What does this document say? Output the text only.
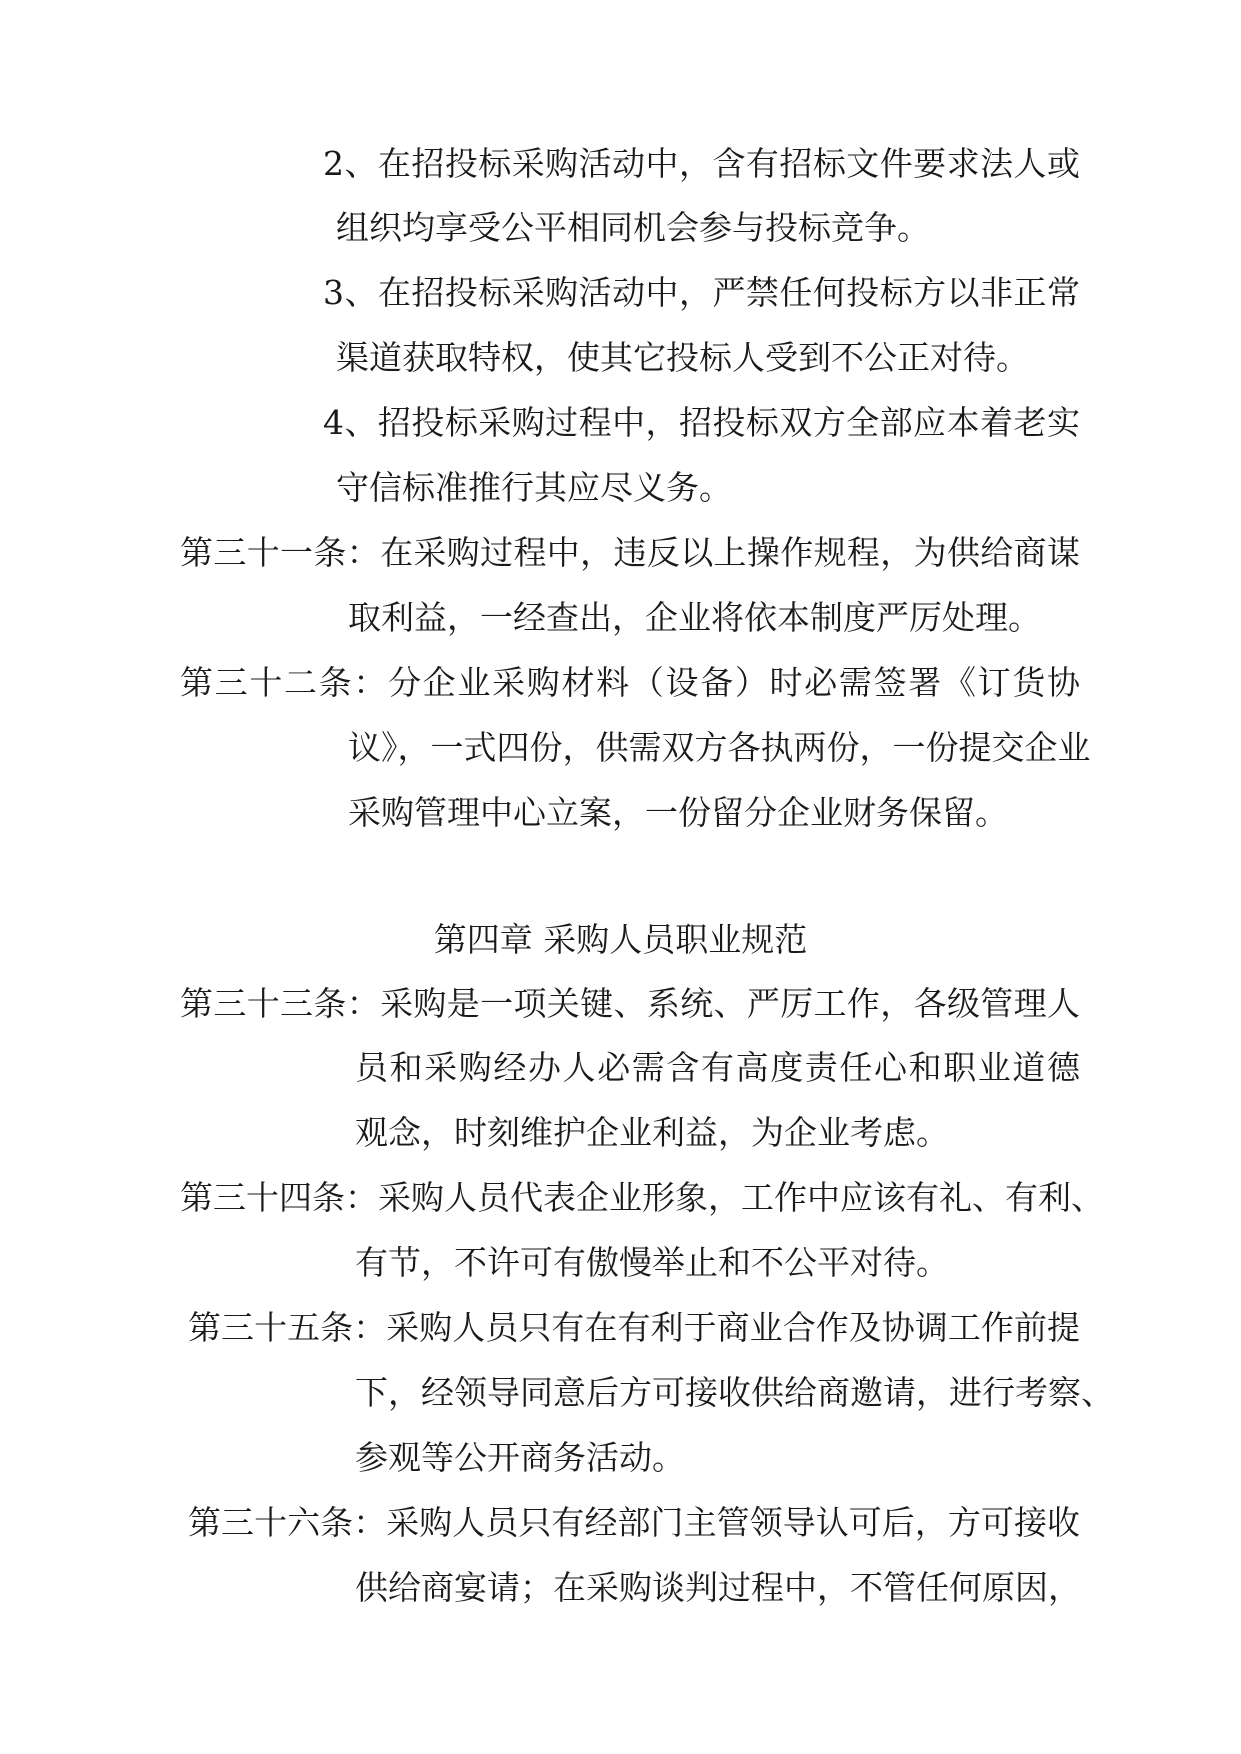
2、在招投标采购活动中，含有招标文件要求法人或
组织均享受公平相同机会参与投标竞争。
3、在招投标采购活动中，严禁任何投标方以非正常
渠道获取特权，使其它投标人受到不公正对待。
4、招投标采购过程中，招投标双方全部应本着老实
守信标准推行其应尽义务。
第三十一条：在采购过程中，违反以上操作规程，为供给商谋
取利益，一经查出，企业将依本制度严厉处理。
第三十二条：分企业采购材料（设备）时必需签署《订货协
议》，一式四份，供需双方各执两份，一份提交企业
采购管理中心立案，一份留分企业财务保留。
第四章 采购人员职业规范
第三十三条：采购是一项关键、系统、严厉工作，各级管理人
员和采购经办人必需含有高度责任心和职业道德
观念，时刻维护企业利益，为企业考虑。
第三十四条：采购人员代表企业形象，工作中应该有礼、有利、
有节，不许可有傲慢举止和不公平对待。
第三十五条：采购人员只有在有利于商业合作及协调工作前提
下，经领导同意后方可接收供给商邀请，进行考察、
参观等公开商务活动。
第三十六条：采购人员只有经部门主管领导认可后，方可接收
供给商宴请；在采购谈判过程中，不管任何原因，
